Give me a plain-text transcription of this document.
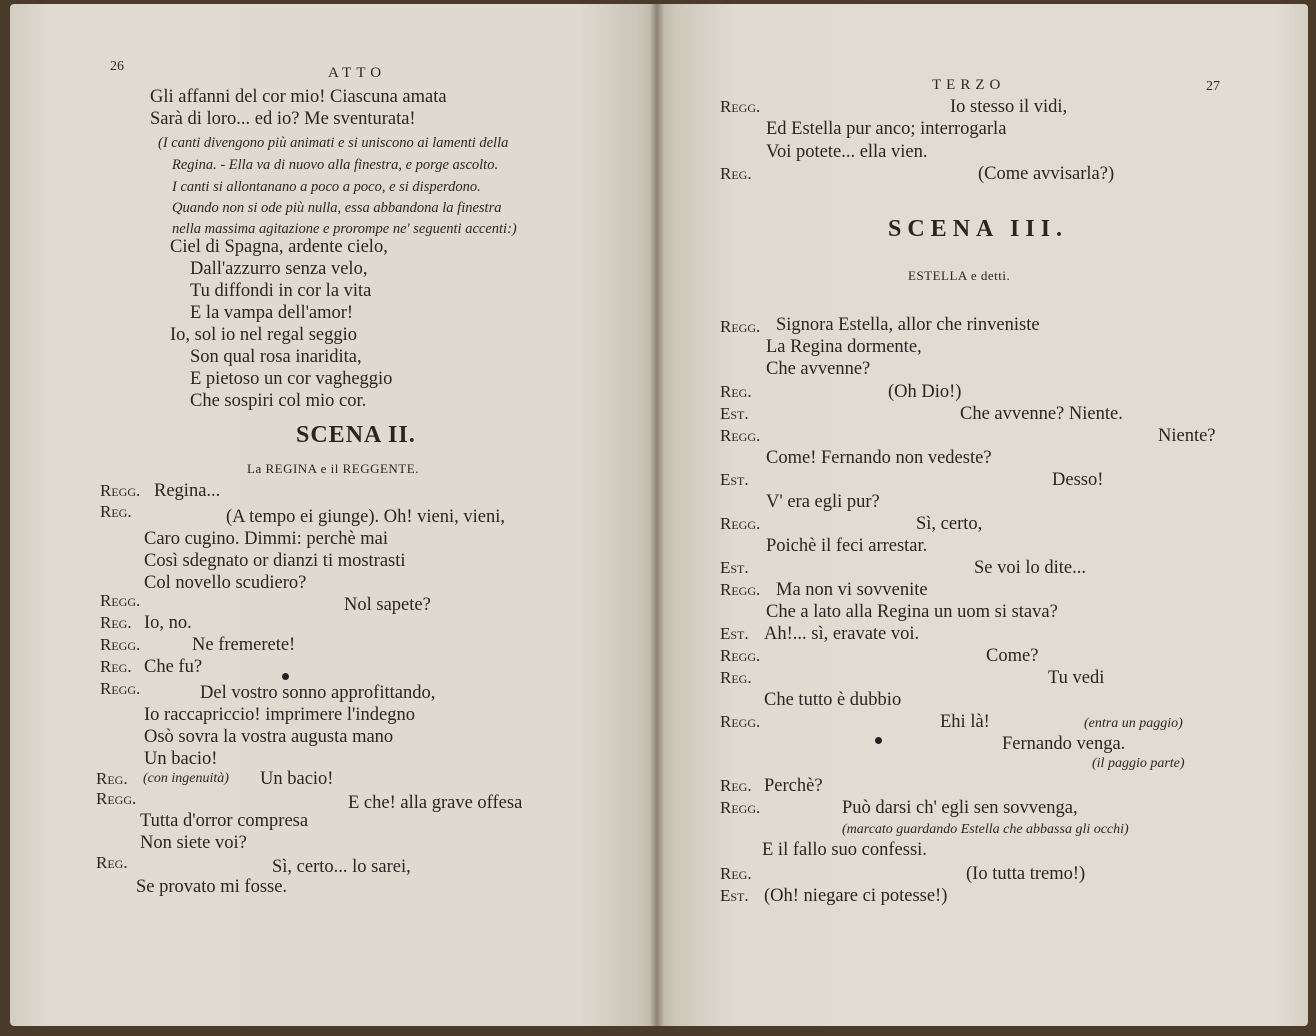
26	ATTO
Gli affanni del cor mio! Ciascuna amata
Sarà di loro... ed io? Me sventurata!
(I canti divengono più animati e si uniscono ai lamenti della
Regina. - Ella va di nuovo alla finestra, e porge ascolto.
I canti si allontanano a poco a poco, e si disperdono.
Quando non si ode più nulla, essa abbandona la finestra
nella massima agitazione e prorompe ne' seguenti accenti:)
Ciel di Spagna, ardente cielo,
Dall'azzurro senza velo,
Tu diffondi in cor la vita
E la vampa dell'amor!
Io, sol io nel regal seggio
Son qual rosa inaridita,
E pietoso un cor vagheggio
Che sospiri col mio cor.
SCENA II.
La REGINA e il REGGENTE.
Regg. Regina...
Reg.	(A tempo ei giunge). Oh! vieni, vieni,
Caro cugino. Dimmi: perchè mai
Così sdegnato or dianzi ti mostrasti
Col novello scudiero?
Regg.	Nol sapete?
Reg. Io, no.
Regg.	Ne fremerete!
Reg. Che fu?
Regg.	Del vostro sonno approfittando,
Io raccapriccio! imprimere l'indegno
Osò sovra la vostra augusta mano
Un bacio!
Reg. (con ingenuità) Un bacio!
Regg.	E che! alla grave offesa
Tutta d'orror compresa
Non siete voi?
Reg.	Sì, certo... lo sarei,
Se provato mi fosse.
TERZO	27
Regg.	Io stesso il vidi,
Ed Estella pur anco; interrogarla
Voi potete... ella vien.
Reg.	(Come avvisarla?)
SCENA III.
ESTELLA e detti.
Regg. Signora Estella, allor che rinveniste
La Regina dormente,
Che avvenne?
Reg.	(Oh Dio!)
Est.	Che avvenne? Niente.
Regg.	Niente?
Come! Fernando non vedeste?
Est.	Desso!
V' era egli pur?
Regg.	Sì, certo,
Poichè il feci arrestar.
Est.	Se voi lo dite...
Regg. Ma non vi sovvenite
Che a lato alla Regina un uom si stava?
Est. Ah!... sì, eravate voi.
Regg.	Come?
Reg.	Tu vedi
Che tutto è dubbio
Regg.	Ehi là!	(entra un paggio)
Fernando venga.
(il paggio parte)
Reg. Perchè?
Regg.	Può darsi ch' egli sen sovvenga,
(marcato guardando Estella che abbassa gli occhi)
E il fallo suo confessi.
Reg.	(Io tutta tremo!)
Est. (Oh! niegare ci potesse!)
